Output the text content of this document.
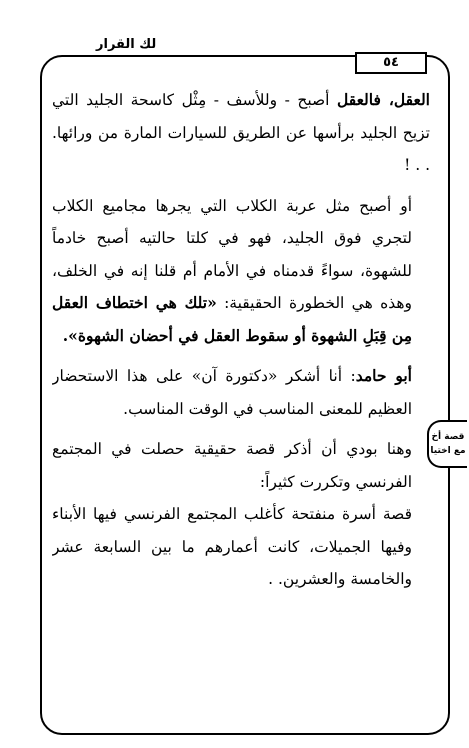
لك القرار
٥٤
قصة أخ مع اختيا

العقل، فالعقل أصبح - وللأسف - مِثْل كاسحة الجليد التي تزيح الجليد برأسها عن الطريق للسيارات المارة من ورائها. . . !

أو أصبح مثل عربة الكلاب التي يجرها مجاميع الكلاب لتجري فوق الجليد، فهو في كلتا حالتيه أصبح خادماً للشهوة، سواءً قدمناه في الأمام أم قلنا إنه في الخلف، وهذه هي الخطورة الحقيقية: «تلك هي اختطاف العقل مِن قِبَلِ الشهوة أو سقوط العقل في أحضان الشهوة».

أبو حامد: أنا أشكر «دكتورة آن» على هذا الاستحضار العظيم للمعنى المناسب في الوقت المناسب.

وهنا بودي أن أذكر قصة حقيقية حصلت في المجتمع الفرنسي وتكررت كثيراً:

قصة أسرة منفتحة كأغلب المجتمع الفرنسي فيها الأبناء وفيها الجميلات، كانت أعمارهم ما بين السابعة عشر والخامسة والعشرين. .
